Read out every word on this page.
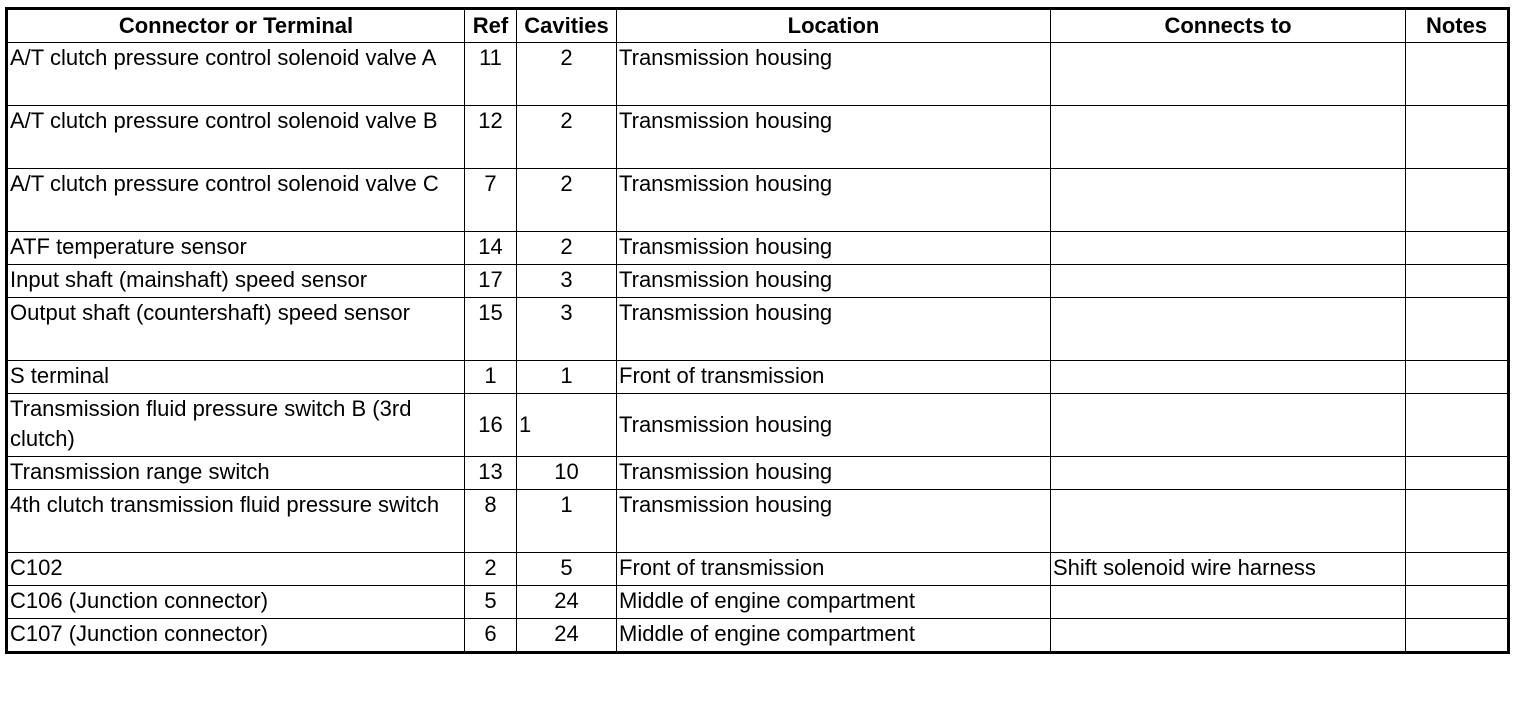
Connector or Terminal	Ref	Cavities	Location	Connects to	Notes
A/T clutch pressure control solenoid valve A	11	2	Transmission housing		
A/T clutch pressure control solenoid valve B	12	2	Transmission housing		
A/T clutch pressure control solenoid valve C	7	2	Transmission housing		
ATF temperature sensor	14	2	Transmission housing		
Input shaft (mainshaft) speed sensor	17	3	Transmission housing		
Output shaft (countershaft) speed sensor	15	3	Transmission housing		
S terminal	1	1	Front of transmission		
Transmission fluid pressure switch B (3rd clutch)	16	1	Transmission housing		
Transmission range switch	13	10	Transmission housing		
4th clutch transmission fluid pressure switch	8	1	Transmission housing		
C102	2	5	Front of transmission	Shift solenoid wire harness	
C106 (Junction connector)	5	24	Middle of engine compartment		
C107 (Junction connector)	6	24	Middle of engine compartment		
